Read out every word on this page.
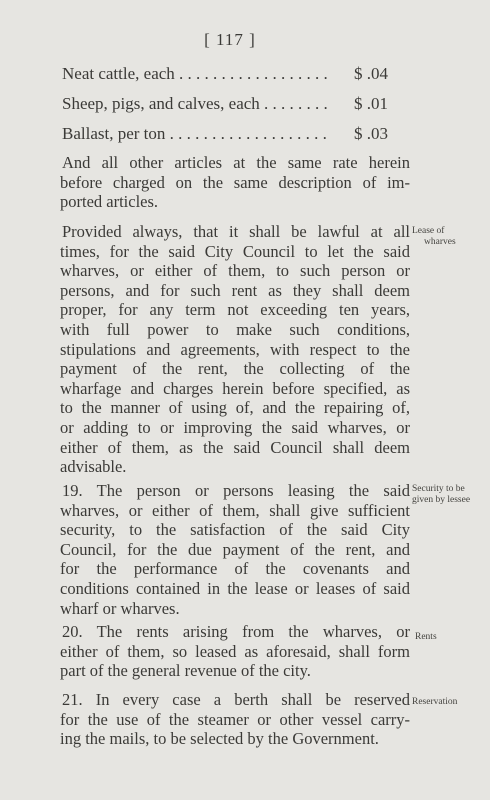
[ 117 ]
Neat cattle, each . . . . . . . . . . . . . . . . . . $ .04
Sheep, pigs, and calves, each . . . . . . . . $ .01
Ballast, per ton . . . . . . . . . . . . . . . . . . . $ .03

And all other articles at the same rate herein
before charged on the same description of im-
ported articles.

Provided always, that it shall be lawful at all
times, for the said City Council to let the said
wharves, or either of them, to such person or
persons, and for such rent as they shall deem
proper, for any term not exceeding ten years,
with full power to make such conditions,
stipulations and agreements, with respect to the
payment of the rent, the collecting of the
wharfage and charges herein before specified, as
to the manner of using of, and the repairing of,
or adding to or improving the said wharves, or
either of them, as the said Council shall deem
advisable.

19. The person or persons leasing the said
wharves, or either of them, shall give sufficient
security, to the satisfaction of the said City
Council, for the due payment of the rent, and
for the performance of the covenants and
conditions contained in the lease or leases of said
wharf or wharves.

20. The rents arising from the wharves, or
either of them, so leased as aforesaid, shall form
part of the general revenue of the city.

21. In every case a berth shall be reserved
for the use of the steamer or other vessel carry-
ing the mails, to be selected by the Government.

Lease of
wharves
Security to be
given by lessee
Rents
Reservation
